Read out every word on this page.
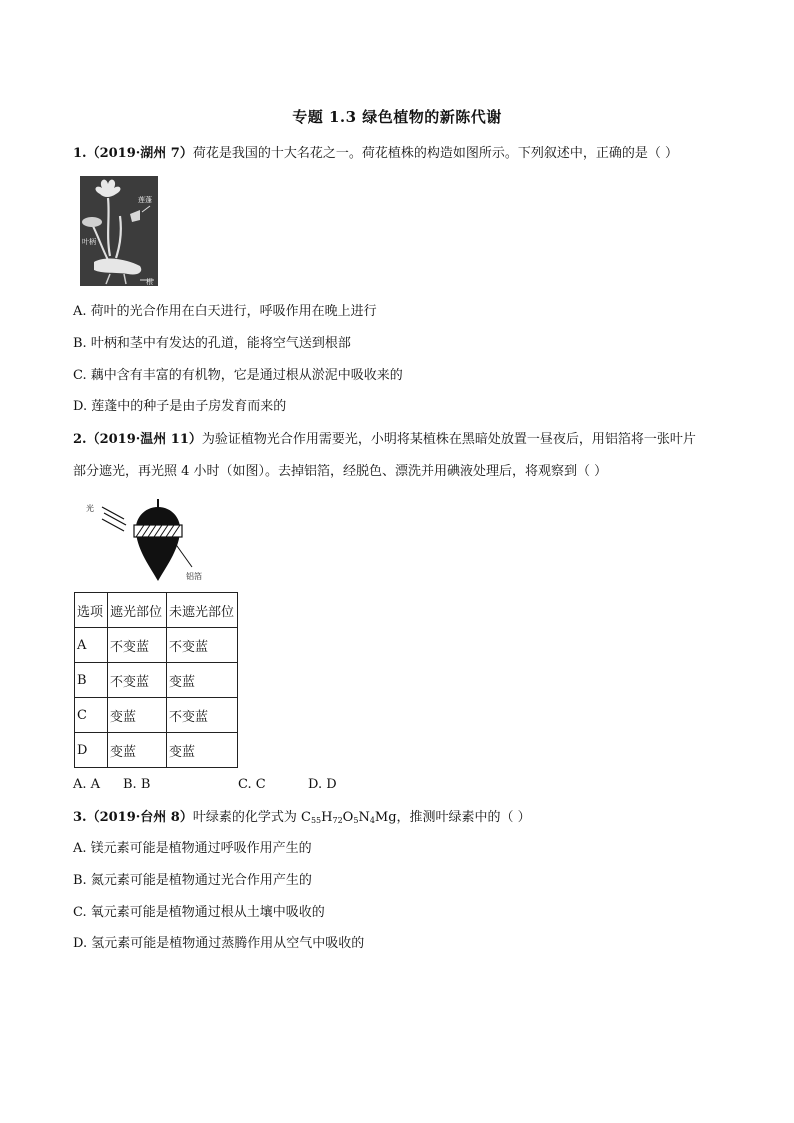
专题 1.3 绿色植物的新陈代谢
1.（2019·湖州 7）荷花是我国的十大名花之一。荷花植株的构造如图所示。下列叙述中，正确的是（ ）
莲蓬
叶柄
根
A. 荷叶的光合作用在白天进行，呼吸作用在晚上进行
B. 叶柄和茎中有发达的孔道，能将空气送到根部
C. 藕中含有丰富的有机物，它是通过根从淤泥中吸收来的
D. 莲蓬中的种子是由子房发育而来的
2.（2019·温州 11）为验证植物光合作用需要光，小明将某植株在黑暗处放置一昼夜后，用铝箔将一张叶片
部分遮光，再光照 4 小时（如图）。去掉铝箔，经脱色、漂洗并用碘液处理后，将观察到（ ）
光
铝箔
选项	遮光部位	未遮光部位
A	不变蓝	不变蓝
B	不变蓝	变蓝
C	变蓝	不变蓝
D	变蓝	变蓝
A. A B. B	C. C	D. D
3.（2019·台州 8）叶绿素的化学式为 $C_{55}H_{72}O_5N_4Mg$，推测叶绿素中的（ ）
A. 镁元素可能是植物通过呼吸作用产生的
B. 氮元素可能是植物通过光合作用产生的
C. 氧元素可能是植物通过根从土壤中吸收的
D. 氢元素可能是植物通过蒸腾作用从空气中吸收的
